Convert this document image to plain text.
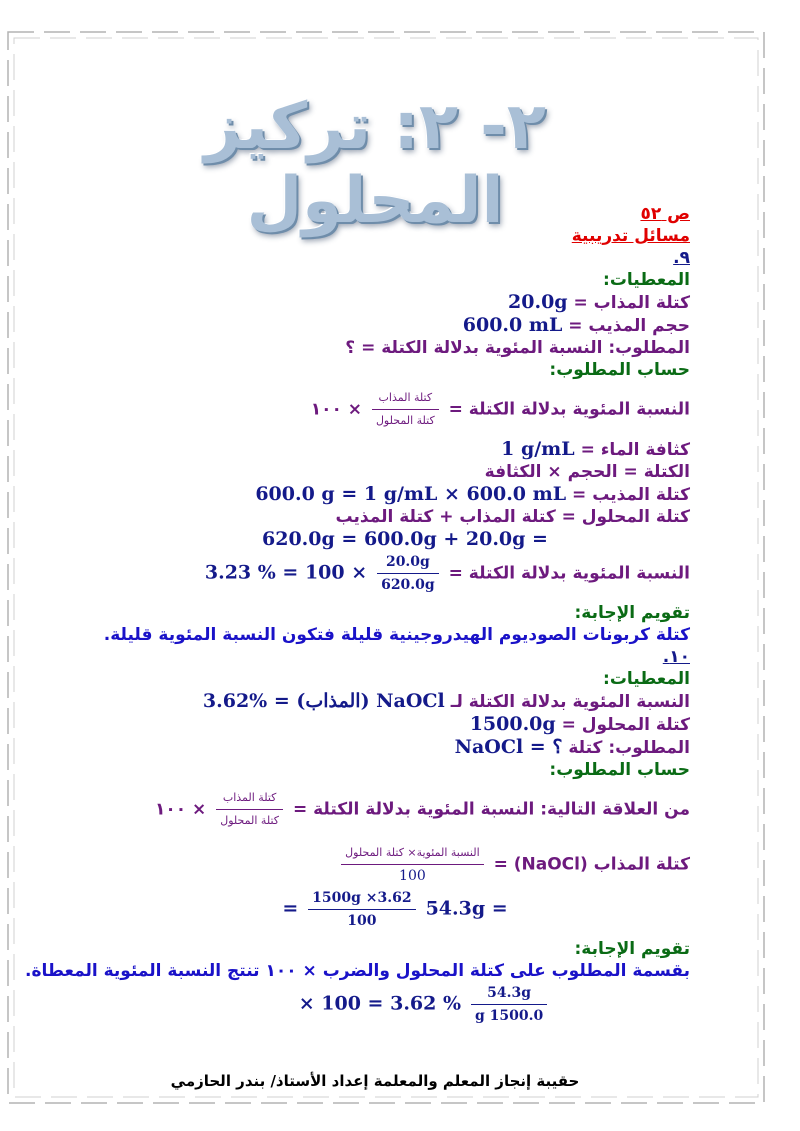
٢- ٢: تركيز المحلول	ص ٥٢
مسائل تدريبية
٩.
المعطيات:
كتلة المذاب = 20.0g
حجم المذيب = 600.0 mL
المطلوب: النسبة المئوية بدلالة الكتلة = ؟
حساب المطلوب:
النسبة المئوية بدلالة الكتلة =
$\frac{\text{كتلة المذاب}}{\text{كتلة المحلول}}$
× ١٠٠
كثافة الماء = 1 g/mL
الكتلة = الحجم × الكثافة
كتلة المذيب = 600.0 g = 1 g/mL × 600.0 mL
كتلة المحلول = كتلة المذاب + كتلة المذيب
620.0g = 600.0g + 20.0g =
النسبة المئوية بدلالة الكتلة =
$\frac{20.0g}{620.0g}$
3.23 % = 100 ×
تقويم الإجابة:
كتلة كربونات الصوديوم الهيدروجينية قليلة فتكون النسبة المئوية قليلة.
١٠.
المعطيات:
النسبة المئوية بدلالة الكتلة لـ 3.62% = (المذاب) NaOCl
كتلة المحلول = 1500.0g
المطلوب: كتلة NaOCl = ؟
حساب المطلوب:
من العلاقة التالية: النسبة المئوية بدلالة الكتلة =
$\frac{\text{كتلة المذاب}}{\text{كتلة المحلول}}$
× ١٠٠
كتلة المذاب (NaOCl) =
$\frac{\text{النسبة المئوية× كتلة المحلول}}{100}$
54.3g =
$\frac{1500g \times 3.62}{100}$
=
تقويم الإجابة:
بقسمة المطلوب على كتلة المحلول والضرب × ١٠٠ تنتج النسبة المئوية المعطاة.
$\frac{54.3g}{1500.0 g}$
× 100 = 3.62 %
حقيبة إنجاز المعلم والمعلمة إعداد الأستاذ/ بندر الحازمي
